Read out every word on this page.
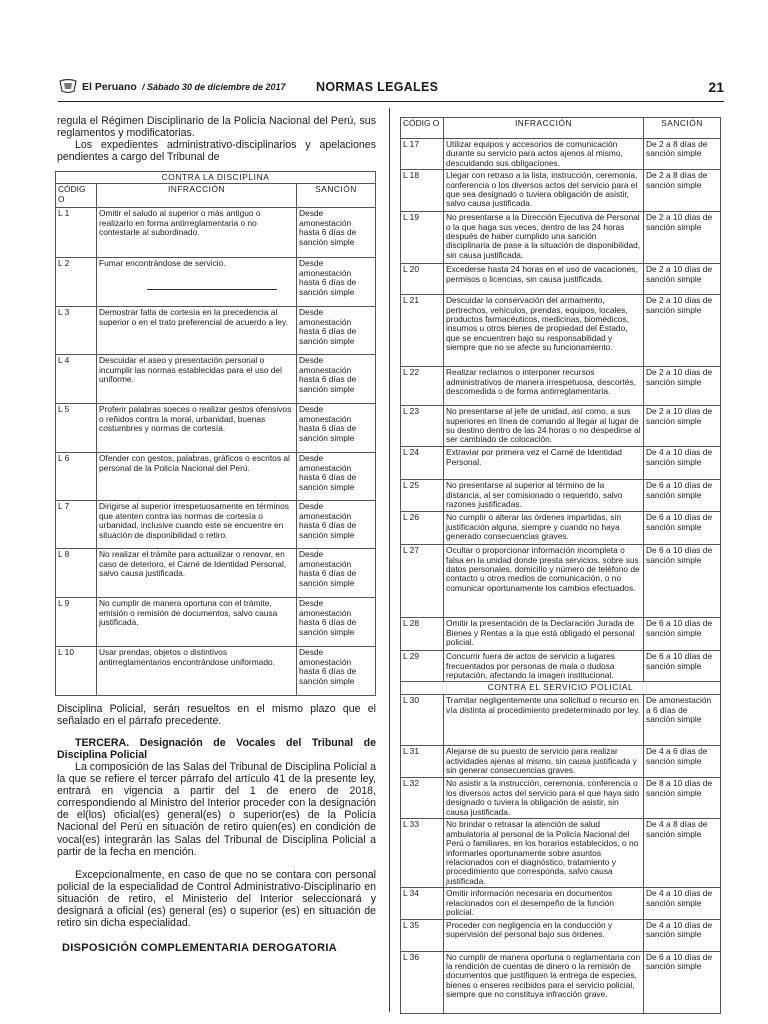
El Peruano / Sábado 30 de diciembre de 2017 NORMAS LEGALES	21
regula el Régimen Disciplinario de la Policía Nacional del Perú, sus reglamentos y modificatorias.
Los expedientes administrativo-disciplinarios y apelaciones pendientes a cargo del Tribunal de
CONTRA LA DISCIPLINA		
CÓDIG O	INFRACCIÓN	SANCIÓN
L 1	Omitir el saludo al superior o más antiguo o realizarlo en forma antirreglamentaria o no contestarle al subordinado.	Desde amonestación hasta 6 días de sanción simple
L 2	Fumar encontrándose de servicio.	Desde amonestación hasta 6 días de sanción simple
L 3	Demostrar falta de cortesía en la precedencia al superior o en el trato preferencial de acuerdo a ley.	Desde amonestación hasta 6 días de sanción simple
L 4	Descuidar el aseo y presentación personal o incumplir las normas establecidas para el uso del uniforme.	Desde amonestación hasta 6 días de sanción simple
L 5	Proferir palabras soeces o realizar gestos ofensivos o reñidos contra la moral, urbanidad, buenas costumbres y normas de cortesía.	Desde amonestación hasta 6 días de sanción simple
L 6	Ofender con gestos, palabras, gráficos o escritos al personal de la Policía Nacional del Perú.	Desde amonestación hasta 6 días de sanción simple
L 7	Dirigirse al superior irrespetuosamente en términos que atenten contra las normas de cortesía o urbanidad, inclusive cuando este se encuentre en situación de disponibilidad o retiro.	Desde amonestación hasta 6 días de sanción simple
L 8	No realizar el trámite para actualizar o renovar, en caso de deterioro, el Carné de Identidad Personal, salvo causa justificada.	Desde amonestación hasta 6 días de sanción simple
L 9	No cumplir de manera oportuna con el trámite, emisión o remisión de documentos, salvo causa justificada.	Desde amonestación hasta 6 días de sanción simple
L 10	Usar prendas, objetos o distintivos antirreglamentarios encontrándose uniformado.	Desde amonestación hasta 6 días de sanción simple
Disciplina Policial, serán resueltos en el mismo plazo que el señalado en el párrafo precedente.
TERCERA. Designación de Vocales del Tribunal de Disciplina Policial
La composición de las Salas del Tribunal de Disciplina Policial a la que se refiere el tercer párrafo del artículo 41 de la presente ley, entrará en vigencia a partir del 1 de enero de 2018, correspondiendo al Ministro del Interior proceder con la designación de el(los) oficial(es) general(es) o superior(es) de la Policía Nacional del Perú en situación de retiro quien(es) en condición de vocal(es) integrarán las Salas del Tribunal de Disciplina Policial a partir de la fecha en mención.
Excepcionalmente, en caso de que no se contara con personal policial de la especialidad de Control Administrativo-Disciplinario en situación de retiro, el Ministerio del Interior seleccionará y designará a oficial (es) general (es) o superior (es) en situación de retiro sin dicha especialidad.
DISPOSICIÓN COMPLEMENTARIA DEROGATORIA
CÓDIG O	INFRACCIÓN	SANCIÓN
L 17	Utilizar equipos y accesorios de comunicación durante su servicio para actos ajenos al mismo, descuidando sus obligaciones.	De 2 a 8 días de sanción simple
L 18	Llegar con retraso a la lista, instrucción, ceremonia, conferencia o los diversos actos del servicio para el que sea designado o tuviera obligación de asistir, salvo causa justificada.	De 2 a 8 días de sanción simple
L 19	No presentarse a la Dirección Ejecutiva de Personal o la que haga sus veces, dentro de las 24 horas después de haber cumplido una sanción disciplinaria de pase a la situación de disponibilidad, sin causa justificada.	De 2 a 10 días de sanción simple
L 20	Excederse hasta 24 horas en el uso de vacaciones, permisos o licencias, sin causa justificada.	De 2 a 10 días de sanción simple
L 21	Descuidar la conservación del armamento, pertrechos, vehículos, prendas, equipos, locales, productos farmacéuticos, medicinas, biomédicos, insumos u otros bienes de propiedad del Estado, que se encuentren bajo su responsabilidad y siempre que no se afecte su funcionamiento.	De 2 a 10 días de sanción simple
L 22	Realizar reclamos o interponer recursos administrativos de manera irrespetuosa, descortés, descomedida o de forma antirreglamentaria.	De 2 a 10 días de sanción simple
L 23	No presentarse al jefe de unidad, así como, a sus superiores en línea de comando al llegar al lugar de su destino dentro de las 24 horas o no despedirse al ser cambiado de colocación.	De 2 a 10 días de sanción simple
L 24	Extraviar por primera vez el Carné de Identidad Personal.	De 4 a 10 días de sanción simple
L 25	No presentarse al superior al término de la distancia, al ser comisionado o requerido, salvo razones justificadas.	De 6 a 10 días de sanción simple
L 26	No cumplir o alterar las órdenes impartidas, sin justificación alguna, siempre y cuando no haya generado consecuencias graves.	De 6 a 10 días de sanción simple
L 27	Ocultar o proporcionar información incompleta o falsa en la unidad donde presta servicios, sobre sus datos personales, domicilio y número de teléfono de contacto u otros medios de comunicación, o no comunicar oportunamente los cambios efectuados.	De 6 a 10 días de sanción simple
L 28	Omitir la presentación de la Declaración Jurada de Bienes y Rentas a la que está obligado el personal policial.	De 6 a 10 días de sanción simple
L 29	Concurrir fuera de actos de servicio a lugares frecuentados por personas de mala o dudosa reputación, afectando la imagen institucional.	De 6 a 10 días de sanción simple
CONTRA EL SERVICIO POLICIAL		
L 30	Tramitar negligentemente una solicitud o recurso en vía distinta al procedimiento predeterminado por ley.	De amonestación a 6 días de sanción simple
L 31	Alejarse de su puesto de servicio para realizar actividades ajenas al mismo, sin causa justificada y sin generar consecuencias graves.	De 4 a 6 días de sanción simple
L 32	No asistir a la instrucción, ceremonia, conferencia o los diversos actos del servicio para el que haya sido designado o tuviera la obligación de asistir, sin causa justificada.	De 8 a 10 días de sanción simple
L 33	No brindar o retrasar la atención de salud ambulatoria al personal de la Policía Nacional del Perú o familiares, en los horarios establecidos, o no informarles oportunamente sobre asuntos relacionados con el diagnóstico, tratamiento y procedimiento que corresponda, salvo causa justificada.	De 4 a 8 días de sanción simple
L 34	Omitir información necesaria en documentos relacionados con el desempeño de la función policial.	De 4 a 10 días de sanción simple
L 35	Proceder con negligencia en la conducción y supervisión del personal bajo sus órdenes.	De 4 a 10 días de sanción simple
L 36	No cumplir de manera oportuna o reglamentaria con la rendición de cuentas de dinero o la remisión de documentos que justifiquen la entrega de especies, bienes o enseres recibidos para el servicio policial, siempre que no constituya infracción grave.	De 6 a 10 días de sanción simple
